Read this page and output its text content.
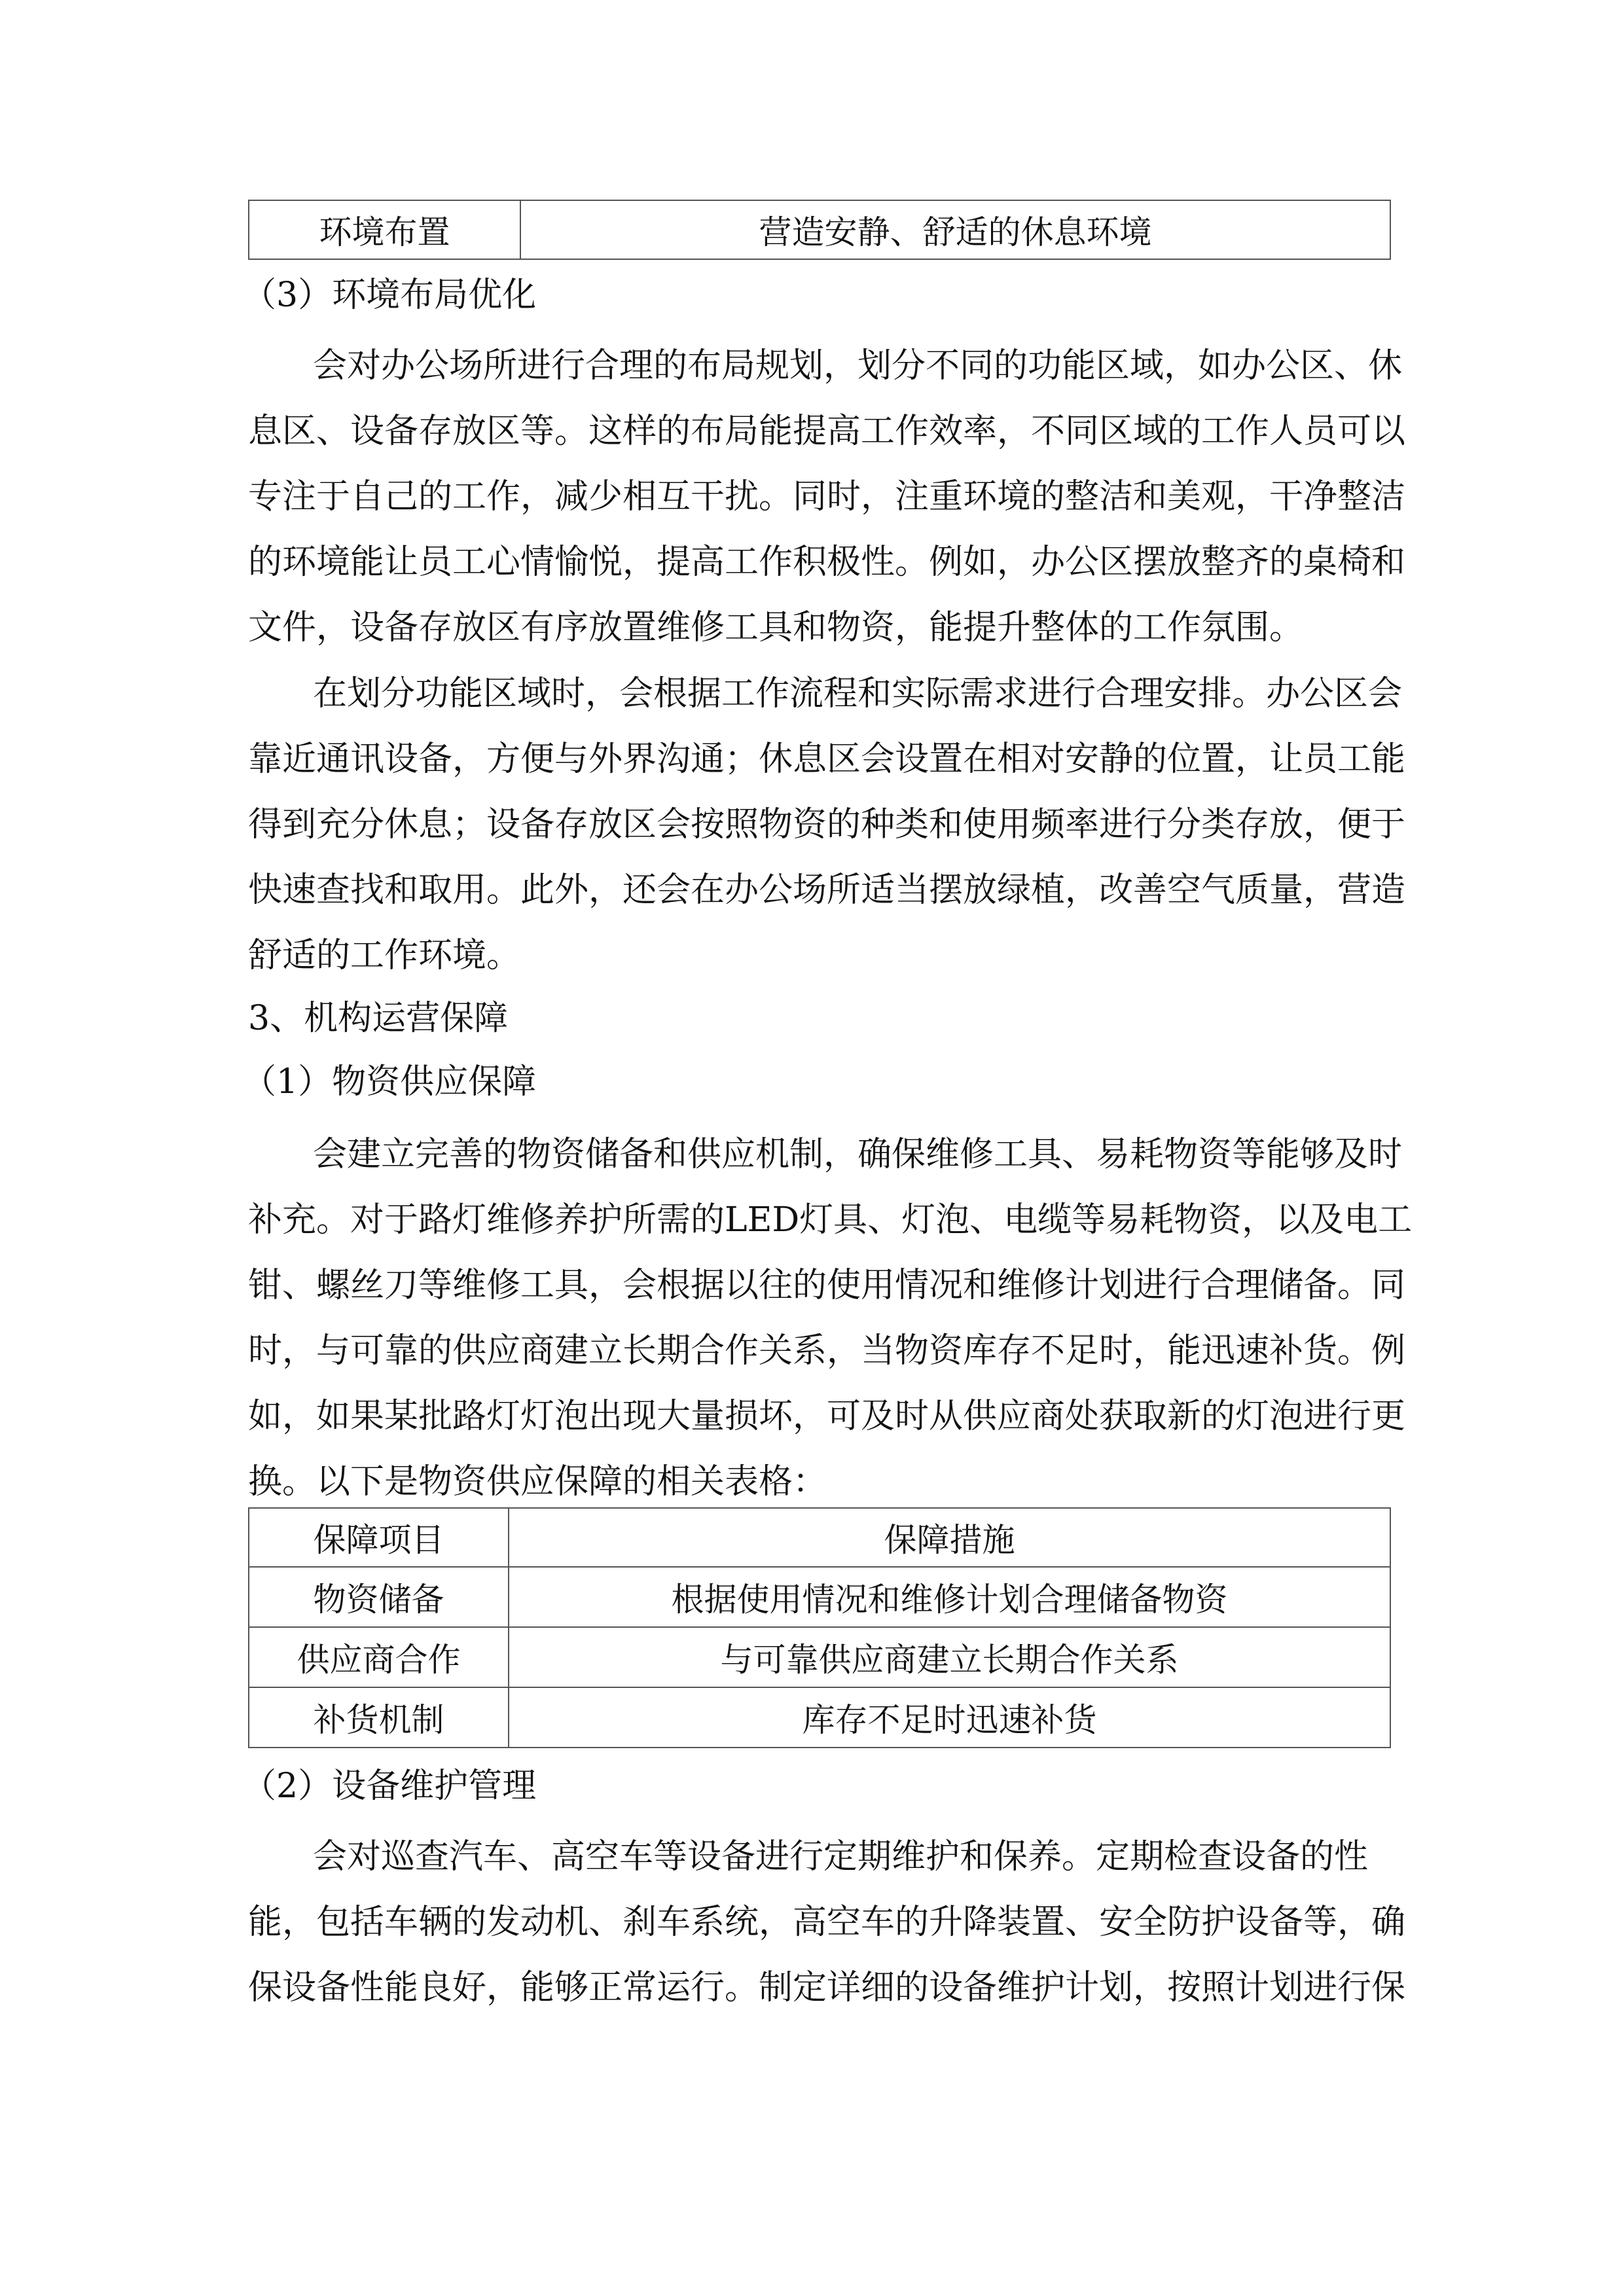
环境布置	营造安静、舒适的休息环境
（3）环境布局优化
会对办公场所进行合理的布局规划，划分不同的功能区域，如办公区、休
息区、设备存放区等。这样的布局能提高工作效率，不同区域的工作人员可以
专注于自己的工作，减少相互干扰。同时，注重环境的整洁和美观，干净整洁
的环境能让员工心情愉悦，提高工作积极性。例如，办公区摆放整齐的桌椅和
文件，设备存放区有序放置维修工具和物资，能提升整体的工作氛围。
在划分功能区域时，会根据工作流程和实际需求进行合理安排。办公区会
靠近通讯设备，方便与外界沟通；休息区会设置在相对安静的位置，让员工能
得到充分休息；设备存放区会按照物资的种类和使用频率进行分类存放，便于
快速查找和取用。此外，还会在办公场所适当摆放绿植，改善空气质量，营造
舒适的工作环境。
3、机构运营保障
（1）物资供应保障
会建立完善的物资储备和供应机制，确保维修工具、易耗物资等能够及时
补充。对于路灯维修养护所需的LED灯具、灯泡、电缆等易耗物资，以及电工
钳、螺丝刀等维修工具，会根据以往的使用情况和维修计划进行合理储备。同
时，与可靠的供应商建立长期合作关系，当物资库存不足时，能迅速补货。例
如，如果某批路灯灯泡出现大量损坏，可及时从供应商处获取新的灯泡进行更
换。以下是物资供应保障的相关表格：
保障项目	保障措施
物资储备	根据使用情况和维修计划合理储备物资
供应商合作	与可靠供应商建立长期合作关系
补货机制	库存不足时迅速补货
（2）设备维护管理
会对巡查汽车、高空车等设备进行定期维护和保养。定期检查设备的性
能，包括车辆的发动机、刹车系统，高空车的升降装置、安全防护设备等，确
保设备性能良好，能够正常运行。制定详细的设备维护计划，按照计划进行保
